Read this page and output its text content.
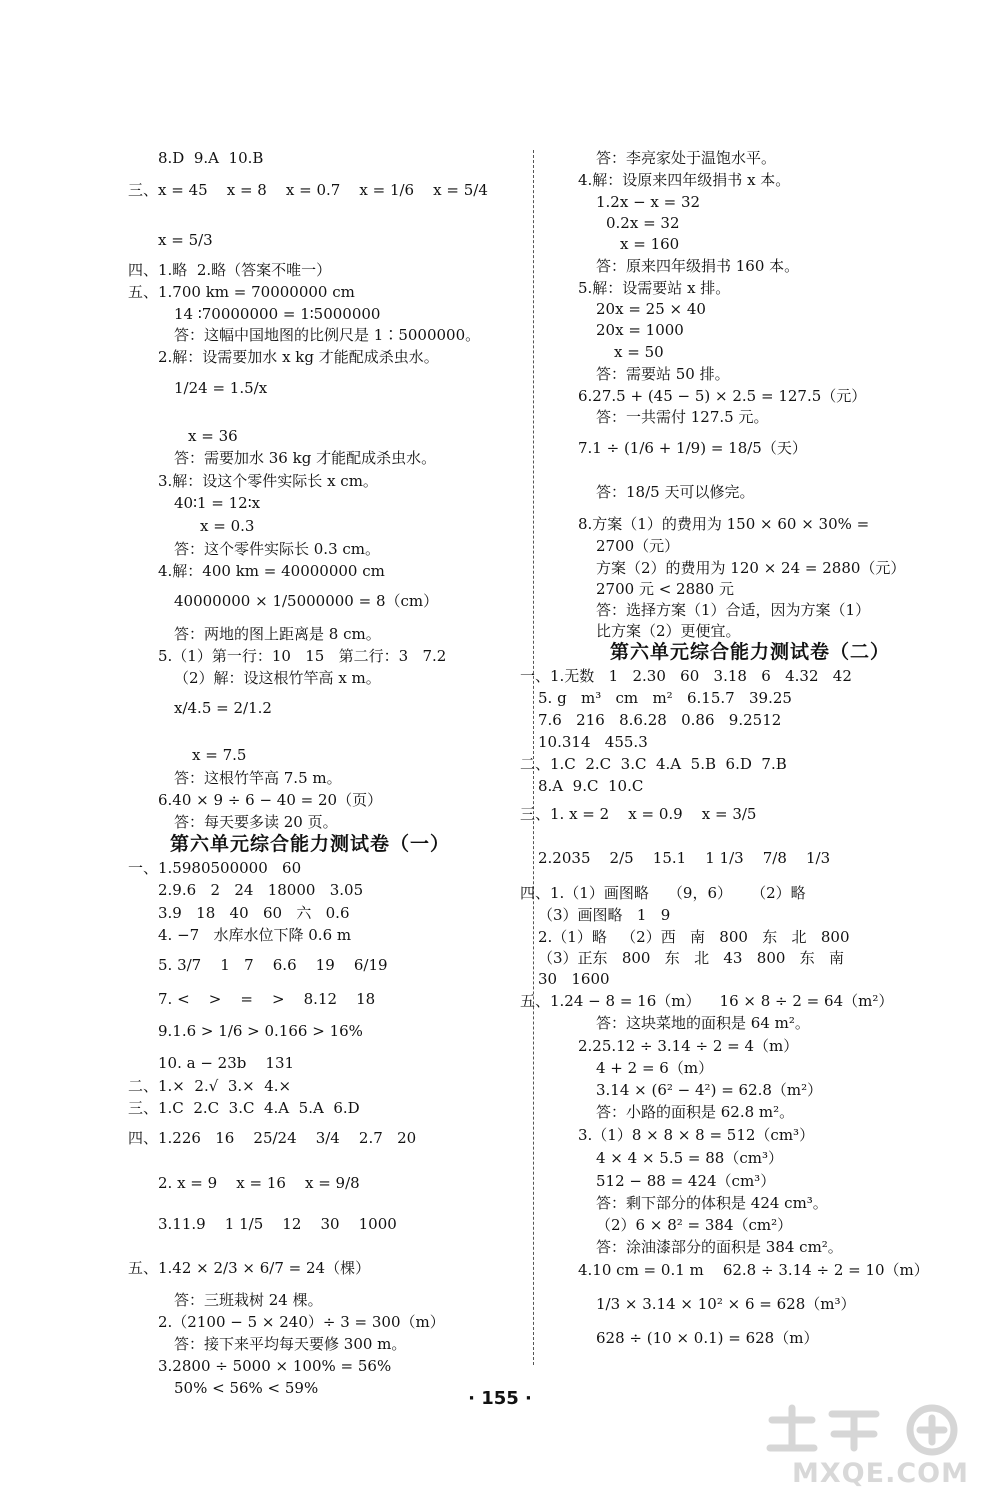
8.D  9.A  10.B
三、x = 45    x = 8    x = 0.7    x = 1/6    x = 5/4
x = 5/3
四、1.略  2.略（答案不唯一）
五、1.700 km = 70000000 cm
14 ∶70000000 = 1∶5000000
答：这幅中国地图的比例尺是 1∶5000000。
2.解：设需要加水 x kg 才能配成杀虫水。
1/24 = 1.5/x
x = 36
答：需要加水 36 kg 才能配成杀虫水。
3.解：设这个零件实际长 x cm。
40∶1 = 12∶x
x = 0.3
答：这个零件实际长 0.3 cm。
4.解：400 km = 40000000 cm
40000000 × 1/5000000 = 8（cm）
答：两地的图上距离是 8 cm。
5.（1）第一行：10   15   第二行：3   7.2
（2）解：设这根竹竿高 x m。
x/4.5 = 2/1.2
x = 7.5
答：这根竹竿高 7.5 m。
6.40 × 9 ÷ 6 − 40 = 20（页）
答：每天要多读 20 页。
第六单元综合能力测试卷（一）
一、1.5980500000   60
2.9.6   2   24   18000   3.05
3.9   18   40   60   六   0.6
4. −7   水库水位下降 0.6 m
5. 3/7    1   7    6.6    19    6/19
7. <    >    =    >    8.12    18
9.1.6 > 1/6 > 0.166 > 16%
10. a − 23b    131
二、1.×  2.√  3.×  4.×
三、1.C  2.C  3.C  4.A  5.A  6.D
四、1.226   16    25/24    3/4    2.7   20
2. x = 9    x = 16    x = 9/8
3.11.9    1 1/5    12    30    1000
五、1.42 × 2/3 × 6/7 = 24（棵）
答：三班栽树 24 棵。
2.（2100 − 5 × 240）÷ 3 = 300（m）
答：接下来平均每天要修 300 m。
3.2800 ÷ 5000 × 100% = 56%
50% < 56% < 59%
答：李亮家处于温饱水平。
4.解：设原来四年级捐书 x 本。
1.2x − x = 32
0.2x = 32
x = 160
答：原来四年级捐书 160 本。
5.解：设需要站 x 排。
20x = 25 × 40
20x = 1000
x = 50
答：需要站 50 排。
6.27.5 + (45 − 5) × 2.5 = 127.5（元）
答：一共需付 127.5 元。
7.1 ÷ (1/6 + 1/9) = 18/5（天）
答：18/5 天可以修完。
8.方案（1）的费用为 150 × 60 × 30% =
2700（元）
方案（2）的费用为 120 × 24 = 2880（元）
2700 元 < 2880 元
答：选择方案（1）合适，因为方案（1）
比方案（2）更便宜。
第六单元综合能力测试卷（二）
一、1.无数   1   2.30   60   3.18   6   4.32   42
5. g   m³   cm   m²   6.15.7   39.25
7.6   216   8.6.28   0.86   9.2512
10.314   455.3
二、1.C  2.C  3.C  4.A  5.B  6.D  7.B
8.A  9.C  10.C
三、1. x = 2    x = 0.9    x = 3/5
2.2035    2/5    15.1    1 1/3    7/8    1/3
四、1.（1）画图略    （9，6）    （2）略
（3）画图略   1   9
2.（1）略   （2）西   南   800   东   北   800
（3）正东   800   东   北   43   800   东   南
30   1600
五、1.24 − 8 = 16（m）    16 × 8 ÷ 2 = 64（m²）
答：这块菜地的面积是 64 m²。
2.25.12 ÷ 3.14 ÷ 2 = 4（m）
4 + 2 = 6（m）
3.14 × (6² − 4²) = 62.8（m²）
答：小路的面积是 62.8 m²。
3.（1）8 × 8 × 8 = 512（cm³）
4 × 4 × 5.5 = 88（cm³）
512 − 88 = 424（cm³）
答：剩下部分的体积是 424 cm³。
（2）6 × 8² = 384（cm²）
答：涂油漆部分的面积是 384 cm²。
4.10 cm = 0.1 m    62.8 ÷ 3.14 ÷ 2 = 10（m）
1/3 × 3.14 × 10² × 6 = 628（m³）
628 ÷ (10 × 0.1) = 628（m）
· 155 ·
MXQE.COM
